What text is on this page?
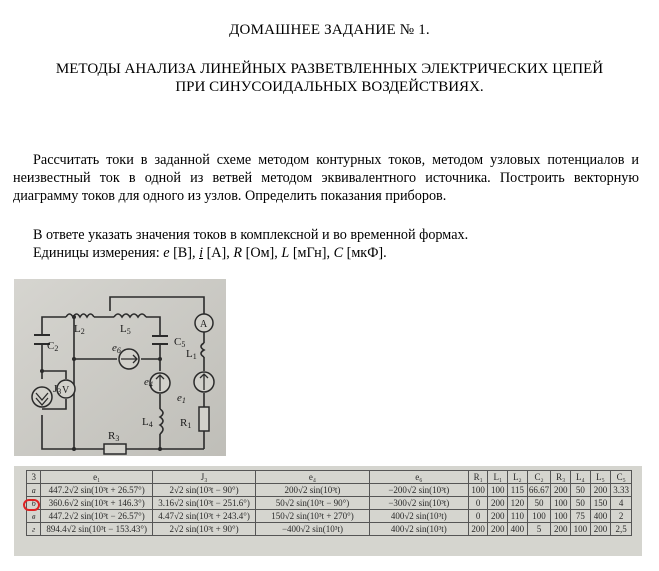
ДОМАШНЕЕ ЗАДАНИЕ № 1.
МЕТОДЫ АНАЛИЗА ЛИНЕЙНЫХ РАЗВЕТВЛЕННЫХ ЭЛЕКТРИЧЕСКИХ ЦЕПЕЙ
ПРИ СИНУСОИДАЛЬНЫХ ВОЗДЕЙСТВИЯХ.
Рассчитать токи в заданной схеме методом контурных токов, методом узловых потенциалов и неизвестный ток в одной из ветвей методом эквивалентного источника. Построить векторную диаграмму токов для одного из узлов. Определить показания приборов.
В ответе указать значения токов в комплексной и во временной формах.
Единицы измерения: e [В], i [А], R [Ом], L [мГн], C [мкФ].
L2	L5
C2
C5
e6	L1
J3
e4
e1
L4 R1
R3
A
V
3	e₁	J₃	e₄	e₆	R₁	L₁	L₂	C₂	R₃	L₄	L₅	C₅
а	447.2√2 sin(10³t + 26.57°)	2√2 sin(10³t − 90°)	200√2 sin(10³t)	−200√2 sin(10³t)	100	100	115	66.67	200	50	200	3.33
б	360.6√2 sin(10³t + 146.3°)	3.16√2 sin(10³t − 251.6°)	50√2 sin(10³t − 90°)	−300√2 sin(10³t)	0	200	120	50	100	50	150	4
в	447.2√2 sin(10³t − 26.57°)	4.47√2 sin(10³t + 243.4°)	150√2 sin(10³t + 270°)	400√2 sin(10³t)	0	200	110	100	100	75	400	2
г	894.4√2 sin(10³t − 153.43°)	2√2 sin(10³t + 90°)	−400√2 sin(10³t)	400√2 sin(10³t)	200	200	400	5	200	100	200	2,5
